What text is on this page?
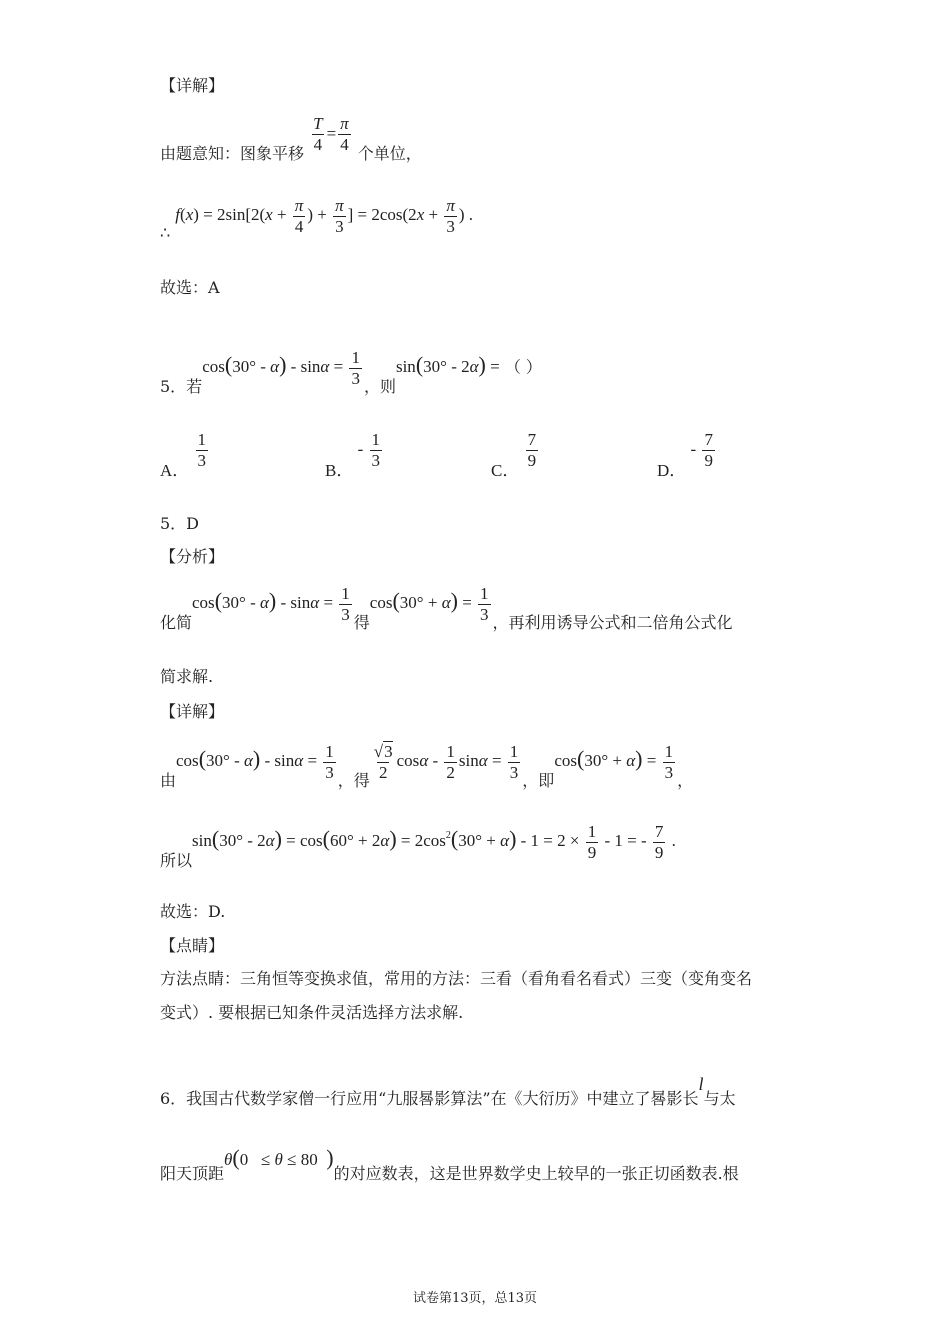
【详解】
由题意知：图象平移 $\frac{T}{4} = \frac{\pi}{4}$ 个单位，
∴ $f(x) = 2\sin[2(x + \frac{\pi}{4}$ ) + $\frac{\pi}{3}$ ] = $2\cos(2x + \frac{\pi}{3}$ ) .
故选：A
5．若$\cos(30^\circ - \alpha) - \sin\alpha = \frac{1}{3}$ ，则sin(30° - 2α) = （ ）
A． $\frac{1}{3}$	B． - $\frac{1}{3}$	C． $\frac{7}{9}$	D． - $\frac{7}{9}$
5．D
【分析】
化简$\cos(30^\circ - \alpha) - \sin\alpha = \frac{1}{3}$ 得$\cos(30^\circ + \alpha) = \frac{1}{3}$ ，再利用诱导公式和二倍角公式化
简求解.
【详解】
由$\cos(30^\circ - \alpha) - \sin\alpha = \frac{1}{3}$ ，得 $\frac{√3}{2}$ cosα - $\frac{1}{2}$ $\sin\alpha = \frac{1}{3}$ ，即$\cos(30^\circ + \alpha) = \frac{1}{3}$ ，
所以$\sin(30^\circ - 2\alpha) = \cos(60^\circ + 2\alpha) = 2\cos^2(30^\circ + \alpha) - 1 = 2 \times \frac{1}{9} - 1$ = - $\frac{7}{9}$ .
故选：D.
【点睛】
方法点睛：三角恒等变换求值，常用的方法：三看（看角看名看式）三变（变角变名
变式）. 要根据已知条件灵活选择方法求解.
6．我国古代数学家僧一行应用“九服晷影算法”在《大衍历》中建立了晷影长l与太
阳天顶距θ(0   ≤ θ ≤ 80  )的对应数表，这是世界数学史上较早的一张正切函数表.根
试卷第13页，总13页
